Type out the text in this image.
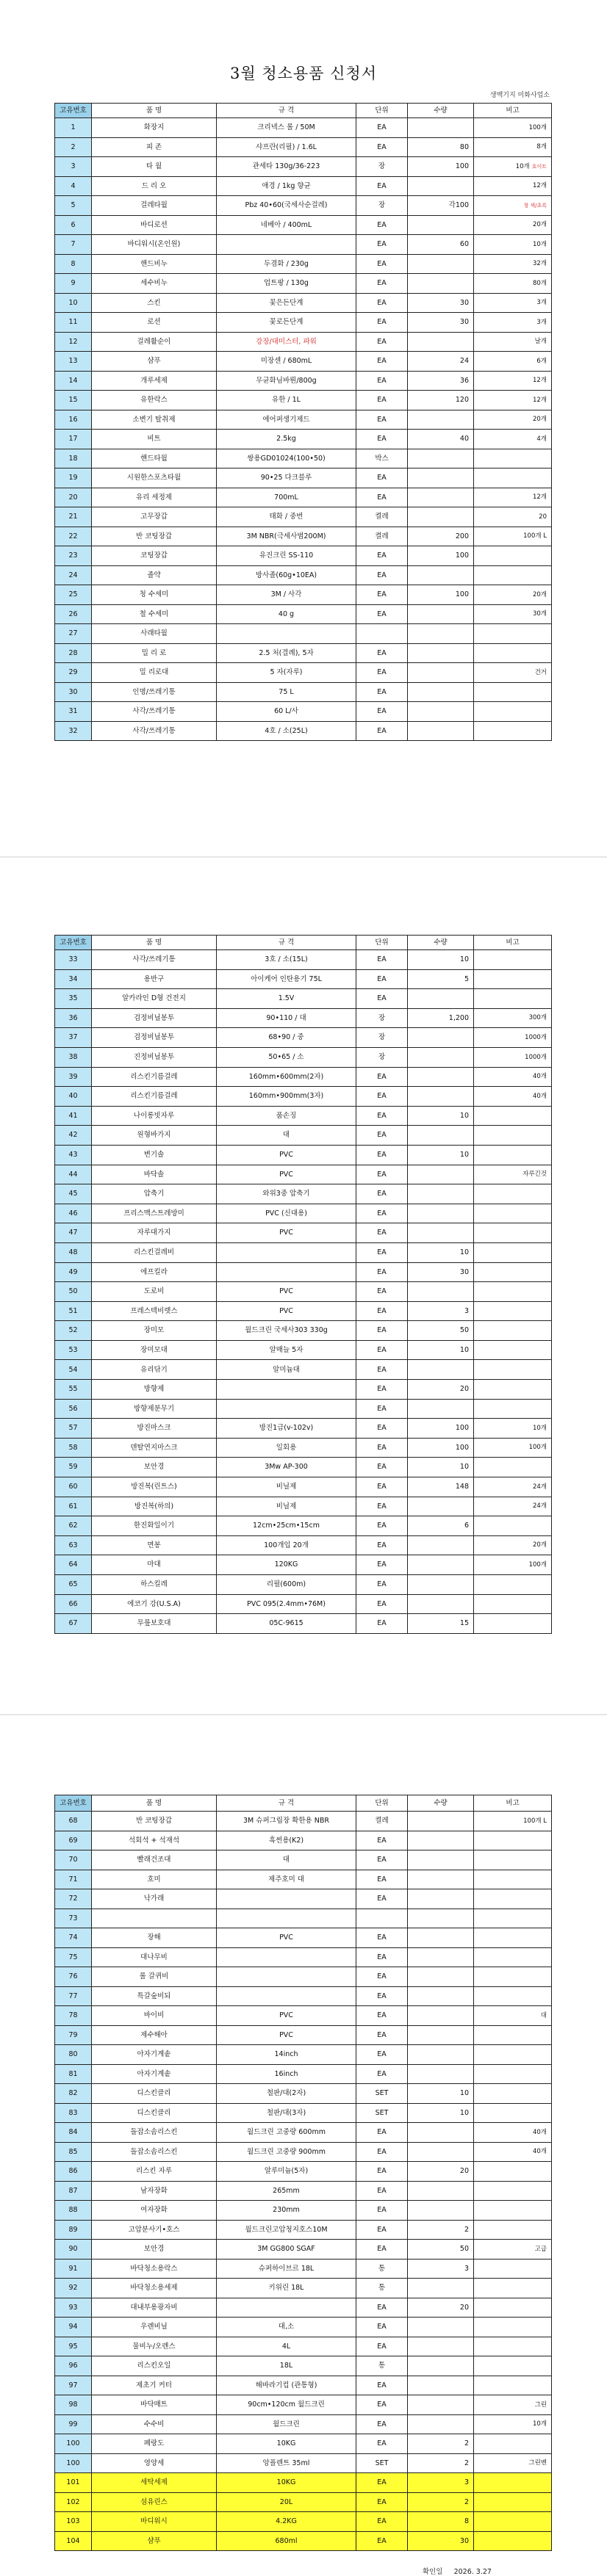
3월 청소용품 신청서
생백기지 미화사업소
고유번호	품 명	규 격	단위	수량	비고
1	화장지	크리넥스 롤 / 50M	EA		100개
2	피 존	샤프란(리필) / 1.6L	EA	80	8개
3	타 월	관세타 130g/36-223	장	100	10개 호이트
4	드 리 오	애경 / 1kg 향균	EA		12개
5	걸레타월	Pbz 40•60(국세사순걸레)	장	각100	청 색/초록
6	바디로션	네베아 / 400mL	EA		20개
7	바디워시(온인원)		EA	60	10개
8	핸드비누	두겸화 / 230g	EA		32개
9	세수비누	업트팡 / 130g	EA		80개
10	스킨	꽃은든단계	EA	30	3개
11	로션	꽃로든단계	EA	30	3개
12	걸레활순이	강장/대미스터, 파워	EA		날개
13	샴푸	미장센 / 680mL	EA	24	6개
14	개루세제	무균화님바뤈/800g	EA	36	12개
15	유한락스	유한 / 1L	EA	120	12개
16	소변기 탈취제	에어퍼생기제드	EA		20개
17	비트	2.5kg	EA	40	4개
18	핸드타월	쌍용GD01024(100•50)	박스		
19	시원한스포츠타월	90•25 다크블루	EA		
20	유리 세정제	700mL	EA		12개
21	고무장갑	태화 / 중번	켤레		20
22	반 코팅장갑	3M NBR(극세사범200M)	켤레	200	100개 L
23	코팅장갑	유진크린 SS-110	EA	100	
24	졸약	방사졸(60g•10EA)	EA		
25	청 수세미	3M / 사각	EA	100	20개
26	철 수세미	40 g	EA		30개
27	사래타월				
28	밀 리 로	2.5 처(결례), 5자	EA		
29	밀 리로대	5 자(자루)	EA		건거
30	인명/쓰레기통	75 L	EA		
31	사각/쓰레기통	60 L/사	EA		
32	사각/쓰레기통	4호 / 소(25L)	EA		
고유번호	품 명	규 격	단위	수량	비고
33	사각/쓰레기통	3호 / 소(15L)	EA	10	
34	용반구	아이케어 인탄용기 75L	EA	5	
35	알카라인 D형 건전지	1.5V	EA		
36	검정비닐봉투	90•110 / 대	장	1,200	300개
37	검정비닐봉투	68•90 / 중	장		1000개
38	진정비닐봉투	50•65 / 소	장		1000개
39	리스킨기름걸레	160mm•600mm(2자)	EA		40개
40	리스킨기름걸레	160mm•900mm(3자)	EA		40개
41	나이롱빗자루	품손징	EA	10	
42	원형바가지	대	EA		
43	변기솔	PVC	EA	10	
44	바닥솔	PVC	EA		자루긴것
45	압축기	와위3중 압축기	EA		
46	프리스맥스트레방미	PVC (신대용)	EA		
47	자루대가지	PVC	EA		
48	리스킨걸레비		EA	10	
49	에프킬라		EA	30	
50	도로비	PVC	EA		
51	프레스텍비렛스	PVC	EA	3	
52	장미모	월드크린 국세사303 330g	EA	50	
53	장미모대	알매늘 5자	EA	10	
54	유리닦기	알미늄대	EA		
55	방향제		EA	20	
56	방향제분무기		EA		
57	방진마스크	방진1급(v-102v)	EA	100	10개
58	덴탈연지마스크	일회용	EA	100	100개
59	보안경	3Mw AP-300	EA	10	
60	방진복(린트스)	비닐제	EA	148	24개
61	방진복(하의)	비닐제	EA		24개
62	한진화일이기	12cm•25cm•15cm	EA	6	
63	면봉	100개입 20개	EA		20개
64	마대	120KG	EA		100개
65	하스킬레	리필(600m)	EA		
66	에코기 강(U.S.A)	PVC 095(2.4mm•76M)	EA		
67	무릎보호대	05C-9615	EA	15	
고유번호	품 명	규 격	단위	수량	비고
68	반 코팅장갑	3M 슈퍼그립장 확한용 NBR	켤레		100개 L
69	석회석 + 석재석	흑썬용(K2)	EA		
70	빨래건조대	대	EA		
71	호미	제주호미 대	EA		
72	낙가래		EA		
73					
74	장해	PVC	EA		
75	대나무비		EA		
76	롤 갈퀴비		EA		
77	특갈숲비되		EA		
78	바이비	PVC	EA		대
79	제수해아	PVC	EA		
80	아자기계솥	14inch	EA		
81	아자기계솥	16inch	EA		
82	디스킨클리	철판/대(2자)	SET	10	
83	디스킨클리	철판/대(3자)	SET	10	
84	돌잡소솜리스킨	월드크린 고중량 600mm	EA		40개
85	돌잡소솜리스킨	월드크린 고중량 900mm	EA		40개
86	리스킨 자루	알루미늄(5자)	EA	20	
87	남자장화	265mm	EA		
88	여자장화	230mm	EA		
89	고압분사기•호스	월드크린고압청지호스10M	EA	2	
90	보안경	3M GG800 SGAF	EA	50	고급
91	바닥청소용락스	슈퍼하이브르 18L	통	3	
92	바닥청소용세제	키위린 18L	통		
93	대내부용광자비		EA	20	
94	우렌비닐	대,소	EA		
95	물비누/오렌스	4L	EA		
96	리스킨오일	18L	통		
97	제초기 커터	해바라기컵 (관통형)	EA		
98	바닥매트	90cm•120cm 월드크린	EA		그린
99	수수비	월드크린	EA		10개
100	폐랑도	10KG	EA	2	
100	영양세	앙플렌트 35ml	SET	2	그린벤
101	세탁세제	10KG	EA	3	
102	섬유린스	20L	EA	2	
103	바디워시	4.2KG	EA	8	
104	샴푸	680ml	EA	30	
확인일 2026. 3.27
